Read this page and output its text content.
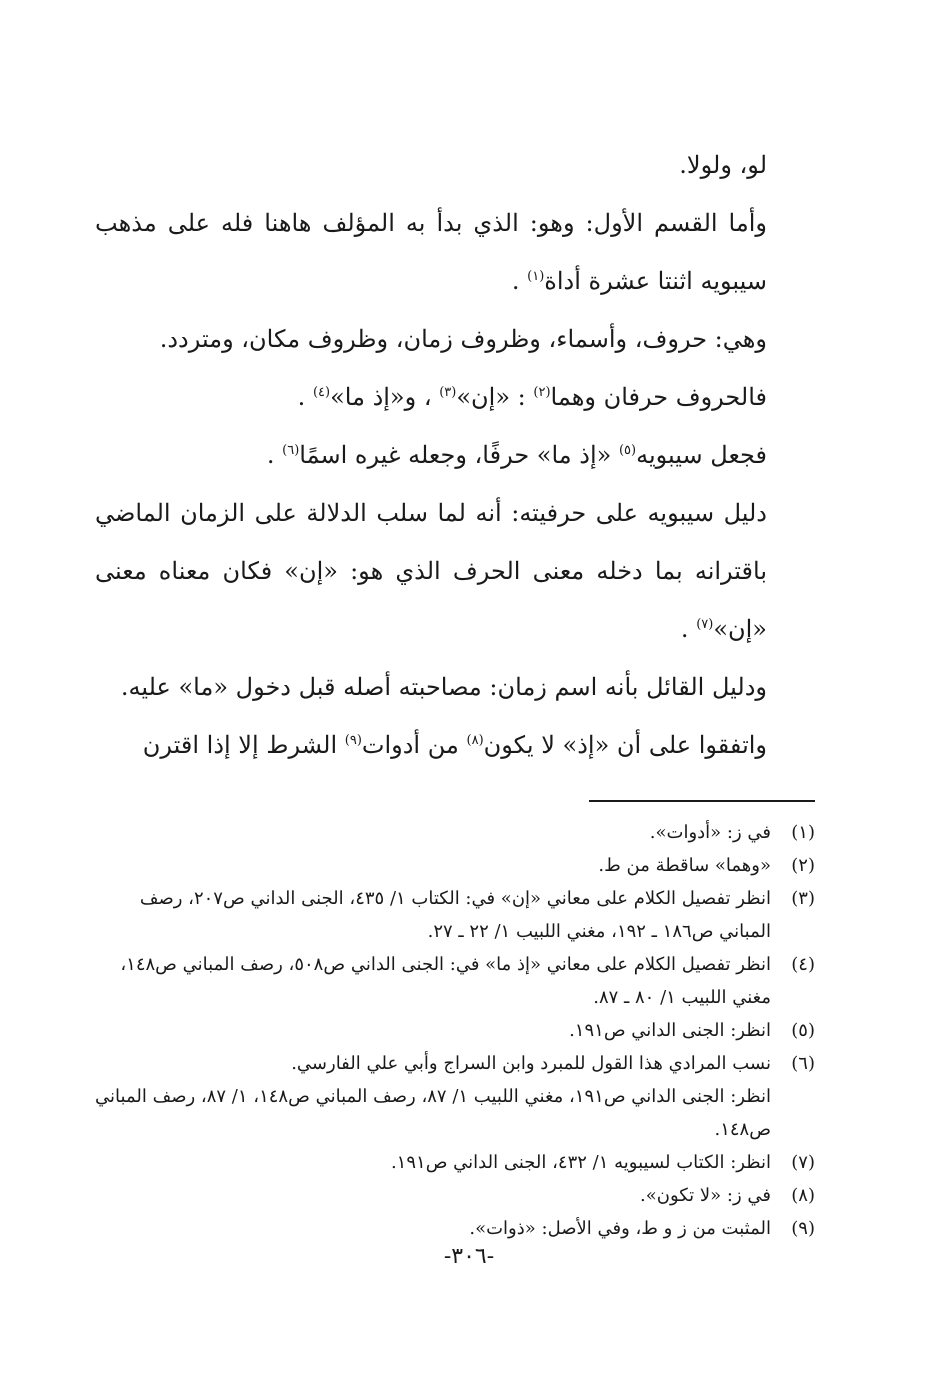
لو، ولولا.

وأما القسم الأول: وهو: الذي بدأ به المؤلف هاهنا فله على مذهب سيبويه اثنتا عشرة أداة$^{(١)}$ .

وهي: حروف، وأسماء، وظروف زمان، وظروف مكان، ومتردد.

فالحروف حرفان وهما$^{(٢)}$ : «إن»$^{(٣)}$ ، و«إذ ما»$^{(٤)}$ .

فجعل سيبويه$^{(٥)}$ «إذ ما» حرفًا، وجعله غيره اسمًا$^{(٦)}$ .

دليل سيبويه على حرفيته: أنه لما سلب الدلالة على الزمان الماضي باقترانه بما دخله معنى الحرف الذي هو: «إن» فكان معناه معنى «إن»$^{(٧)}$ .

ودليل القائل بأنه اسم زمان: مصاحبته أصله قبل دخول «ما» عليه.

واتفقوا على أن «إذ» لا يكون$^{(٨)}$ من أدوات$^{(٩)}$ الشرط إلا إذا اقترن

(١)
في ز: «أدوات».
(٢)
«وهما» ساقطة من ط.
(٣)
انظر تفصيل الكلام على معاني «إن» في: الكتاب ١/ ٤٣٥، الجنى الداني ص٢٠٧، رصف المباني ص١٨٦ ـ ١٩٢، مغني اللبيب ١/ ٢٢ ـ ٢٧.
(٤)
انظر تفصيل الكلام على معاني «إذ ما» في: الجنى الداني ص٥٠٨، رصف المباني ص١٤٨، مغني اللبيب ١/ ٨٠ ـ ٨٧.
(٥)
انظر: الجنى الداني ص١٩١.
(٦)
نسب المرادي هذا القول للمبرد وابن السراج وأبي علي الفارسي.
انظر: الجنى الداني ص١٩١، مغني اللبيب ١/ ٨٧، رصف المباني ص١٤٨، ١/ ٨٧، رصف المباني ص١٤٨.
(٧)
انظر: الكتاب لسيبويه ١/ ٤٣٢، الجنى الداني ص١٩١.
(٨)
في ز: «لا تكون».
(٩)
المثبت من ز و ط، وفي الأصل: «ذوات».
-٣٠٦-
